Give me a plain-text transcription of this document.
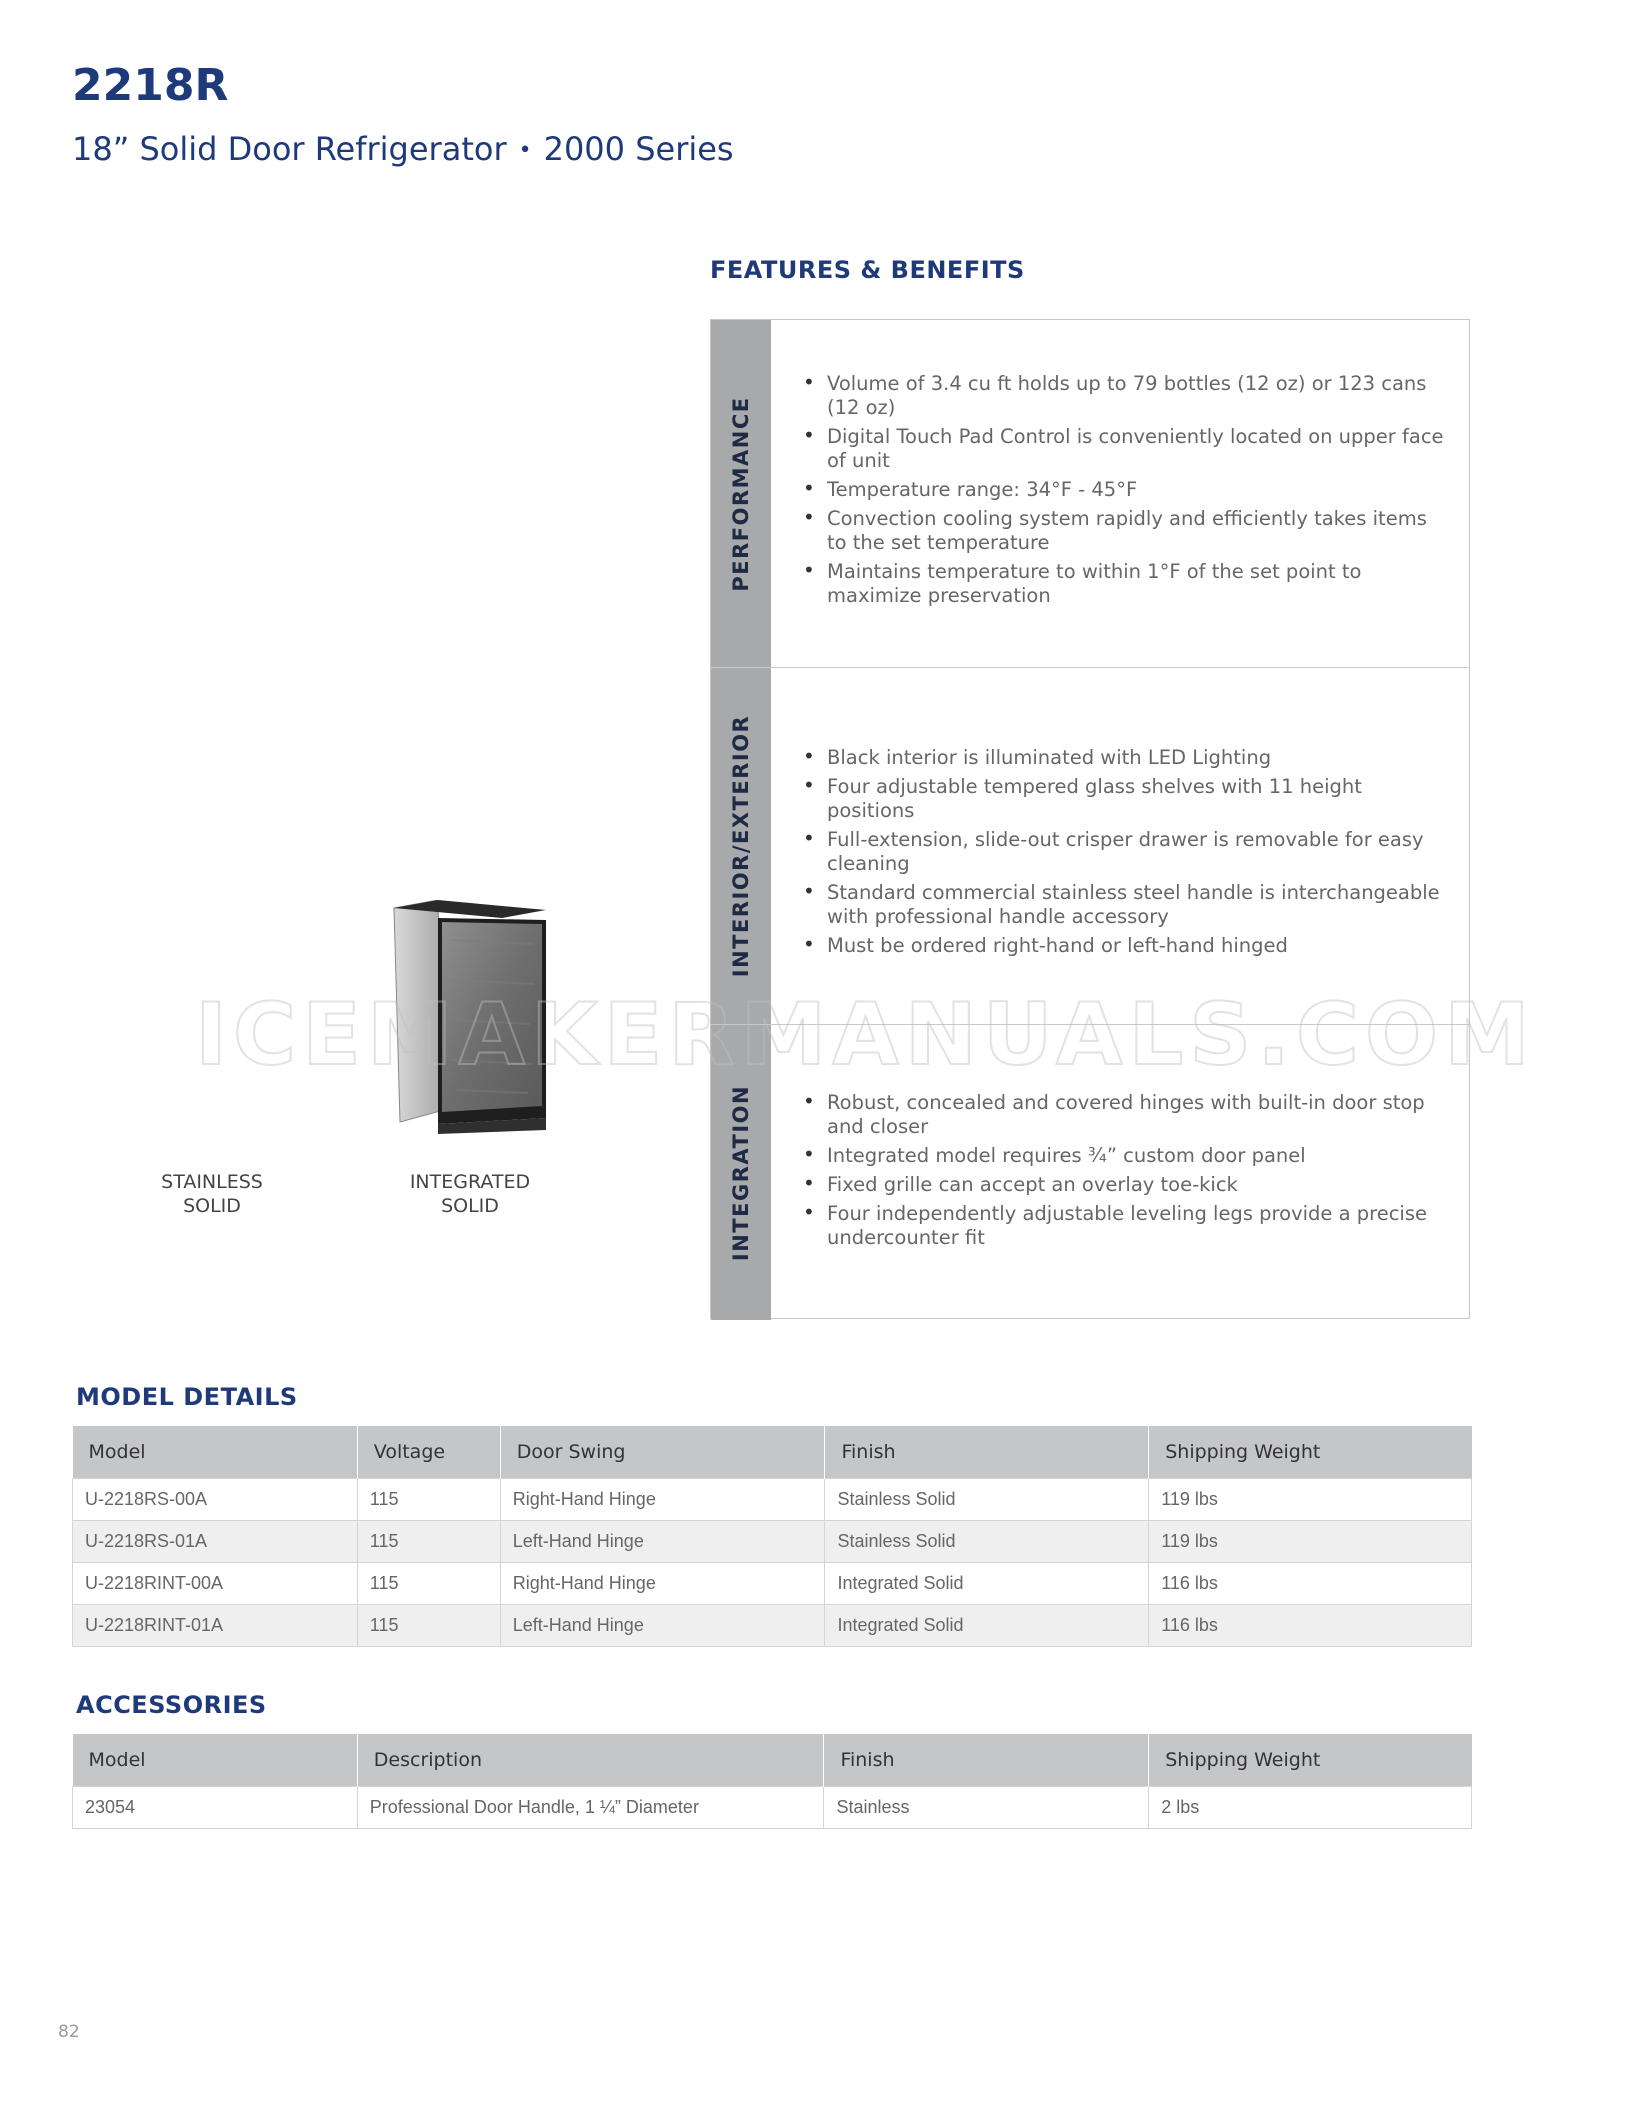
2218R

18” Solid Door Refrigerator • 2000 Series

FEATURES & BENEFITS
PERFORMANCE
• Volume of 3.4 cu ft holds up to 79 bottles (12 oz) or 123 cans (12 oz)
• Digital Touch Pad Control is conveniently located on upper face of unit
• Temperature range: 34°F - 45°F
• Convection cooling system rapidly and efficiently takes items to the set temperature
• Maintains temperature to within 1°F of the set point to maximize preservation
INTERIOR/EXTERIOR	• Black interior is illuminated with LED Lighting
• Four adjustable tempered glass shelves with 11 height positions
• Full-extension, slide-out crisper drawer is removable for easy cleaning
• Standard commercial stainless steel handle is interchangeable with professional handle accessory
• Must be ordered right-hand or left-hand hinged
INTEGRATION	• Robust, concealed and covered hinges with built-in door stop and closer
• Integrated model requires ¾” custom door panel
• Fixed grille can accept an overlay toe-kick
• Four independently adjustable leveling legs provide a precise undercounter fit
STAINLESS
SOLID
INTEGRATED
SOLID
ICEMAKERMANUALS.COM
MODEL DETAILS
Model	Voltage	Door Swing	Finish	Shipping Weight
U-2218RS-00A	115	Right-Hand Hinge	Stainless Solid	119 lbs
U-2218RS-01A	115	Left-Hand Hinge	Stainless Solid	119 lbs
U-2218RINT-00A	115	Right-Hand Hinge	Integrated Solid	116 lbs
U-2218RINT-01A	115	Left-Hand Hinge	Integrated Solid	116 lbs
ACCESSORIES
Model	Description	Finish	Shipping Weight
23054	Professional Door Handle, 1 ¼” Diameter	Stainless	2 lbs
82
